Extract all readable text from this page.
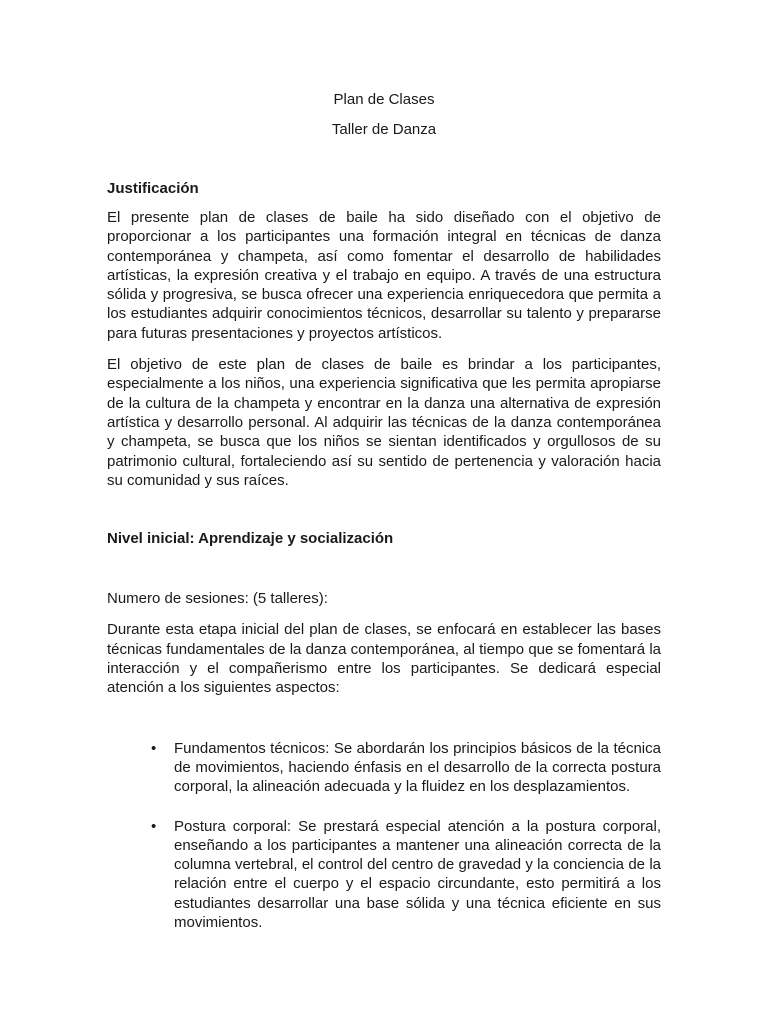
Plan de Clases

Taller de Danza

Justificación

El presente plan de clases de baile ha sido diseñado con el objetivo de proporcionar a los participantes una formación integral en técnicas de danza contemporánea y champeta, así como fomentar el desarrollo de habilidades artísticas, la expresión creativa y el trabajo en equipo. A través de una estructura sólida y progresiva, se busca ofrecer una experiencia enriquecedora que permita a los estudiantes adquirir conocimientos técnicos, desarrollar su talento y prepararse para futuras presentaciones y proyectos artísticos.

El objetivo de este plan de clases de baile es brindar a los participantes, especialmente a los niños, una experiencia significativa que les permita apropiarse de la cultura de la champeta y encontrar en la danza una alternativa de expresión artística y desarrollo personal. Al adquirir las técnicas de la danza contemporánea y champeta, se busca que los niños se sientan identificados y orgullosos de su patrimonio cultural, fortaleciendo así su sentido de pertenencia y valoración hacia su comunidad y sus raíces.

Nivel inicial: Aprendizaje y socialización

Numero de sesiones: (5 talleres):

Durante esta etapa inicial del plan de clases, se enfocará en establecer las bases técnicas fundamentales de la danza contemporánea, al tiempo que se fomentará la interacción y el compañerismo entre los participantes. Se dedicará especial atención a los siguientes aspectos:

• Fundamentos técnicos: Se abordarán los principios básicos de la técnica de movimientos, haciendo énfasis en el desarrollo de la correcta postura corporal, la alineación adecuada y la fluidez en los desplazamientos.
• Postura corporal: Se prestará especial atención a la postura corporal, enseñando a los participantes a mantener una alineación correcta de la columna vertebral, el control del centro de gravedad y la conciencia de la relación entre el cuerpo y el espacio circundante, esto permitirá a los estudiantes desarrollar una base sólida y una técnica eficiente en sus movimientos.
